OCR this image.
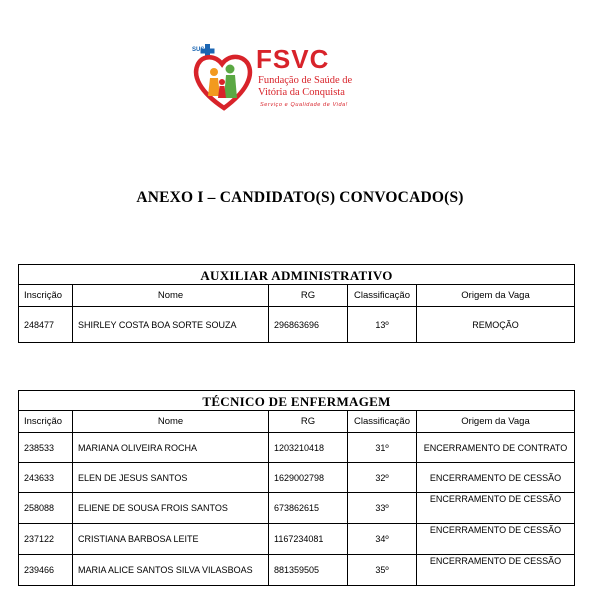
SUS FSVC
Fundação de Saúde de
Vitória da Conquista
Serviço e Qualidade de Vida!
ANEXO I – CANDIDATO(S) CONVOCADO(S)
AUXILIAR ADMINISTRATIVO				
Inscrição	Nome	RG	Classificação	Origem da Vaga
248477	SHIRLEY COSTA BOA SORTE SOUZA	296863696	13º	REMOÇÃO
TÉCNICO DE ENFERMAGEM				
Inscrição	Nome	RG	Classificação	Origem da Vaga
238533	MARIANA OLIVEIRA ROCHA	1203210418	31º	ENCERRAMENTO DE CONTRATO
243633	ELEN DE JESUS SANTOS	1629002798	32º	ENCERRAMENTO DE CESSÃO
258088	ELIENE DE SOUSA FROIS SANTOS	673862615	33º	ENCERRAMENTO DE CESSÃO
237122	CRISTIANA BARBOSA LEITE	1167234081	34º	ENCERRAMENTO DE CESSÃO
239466	MARIA ALICE SANTOS SILVA VILASBOAS	881359505	35º	ENCERRAMENTO DE CESSÃO
